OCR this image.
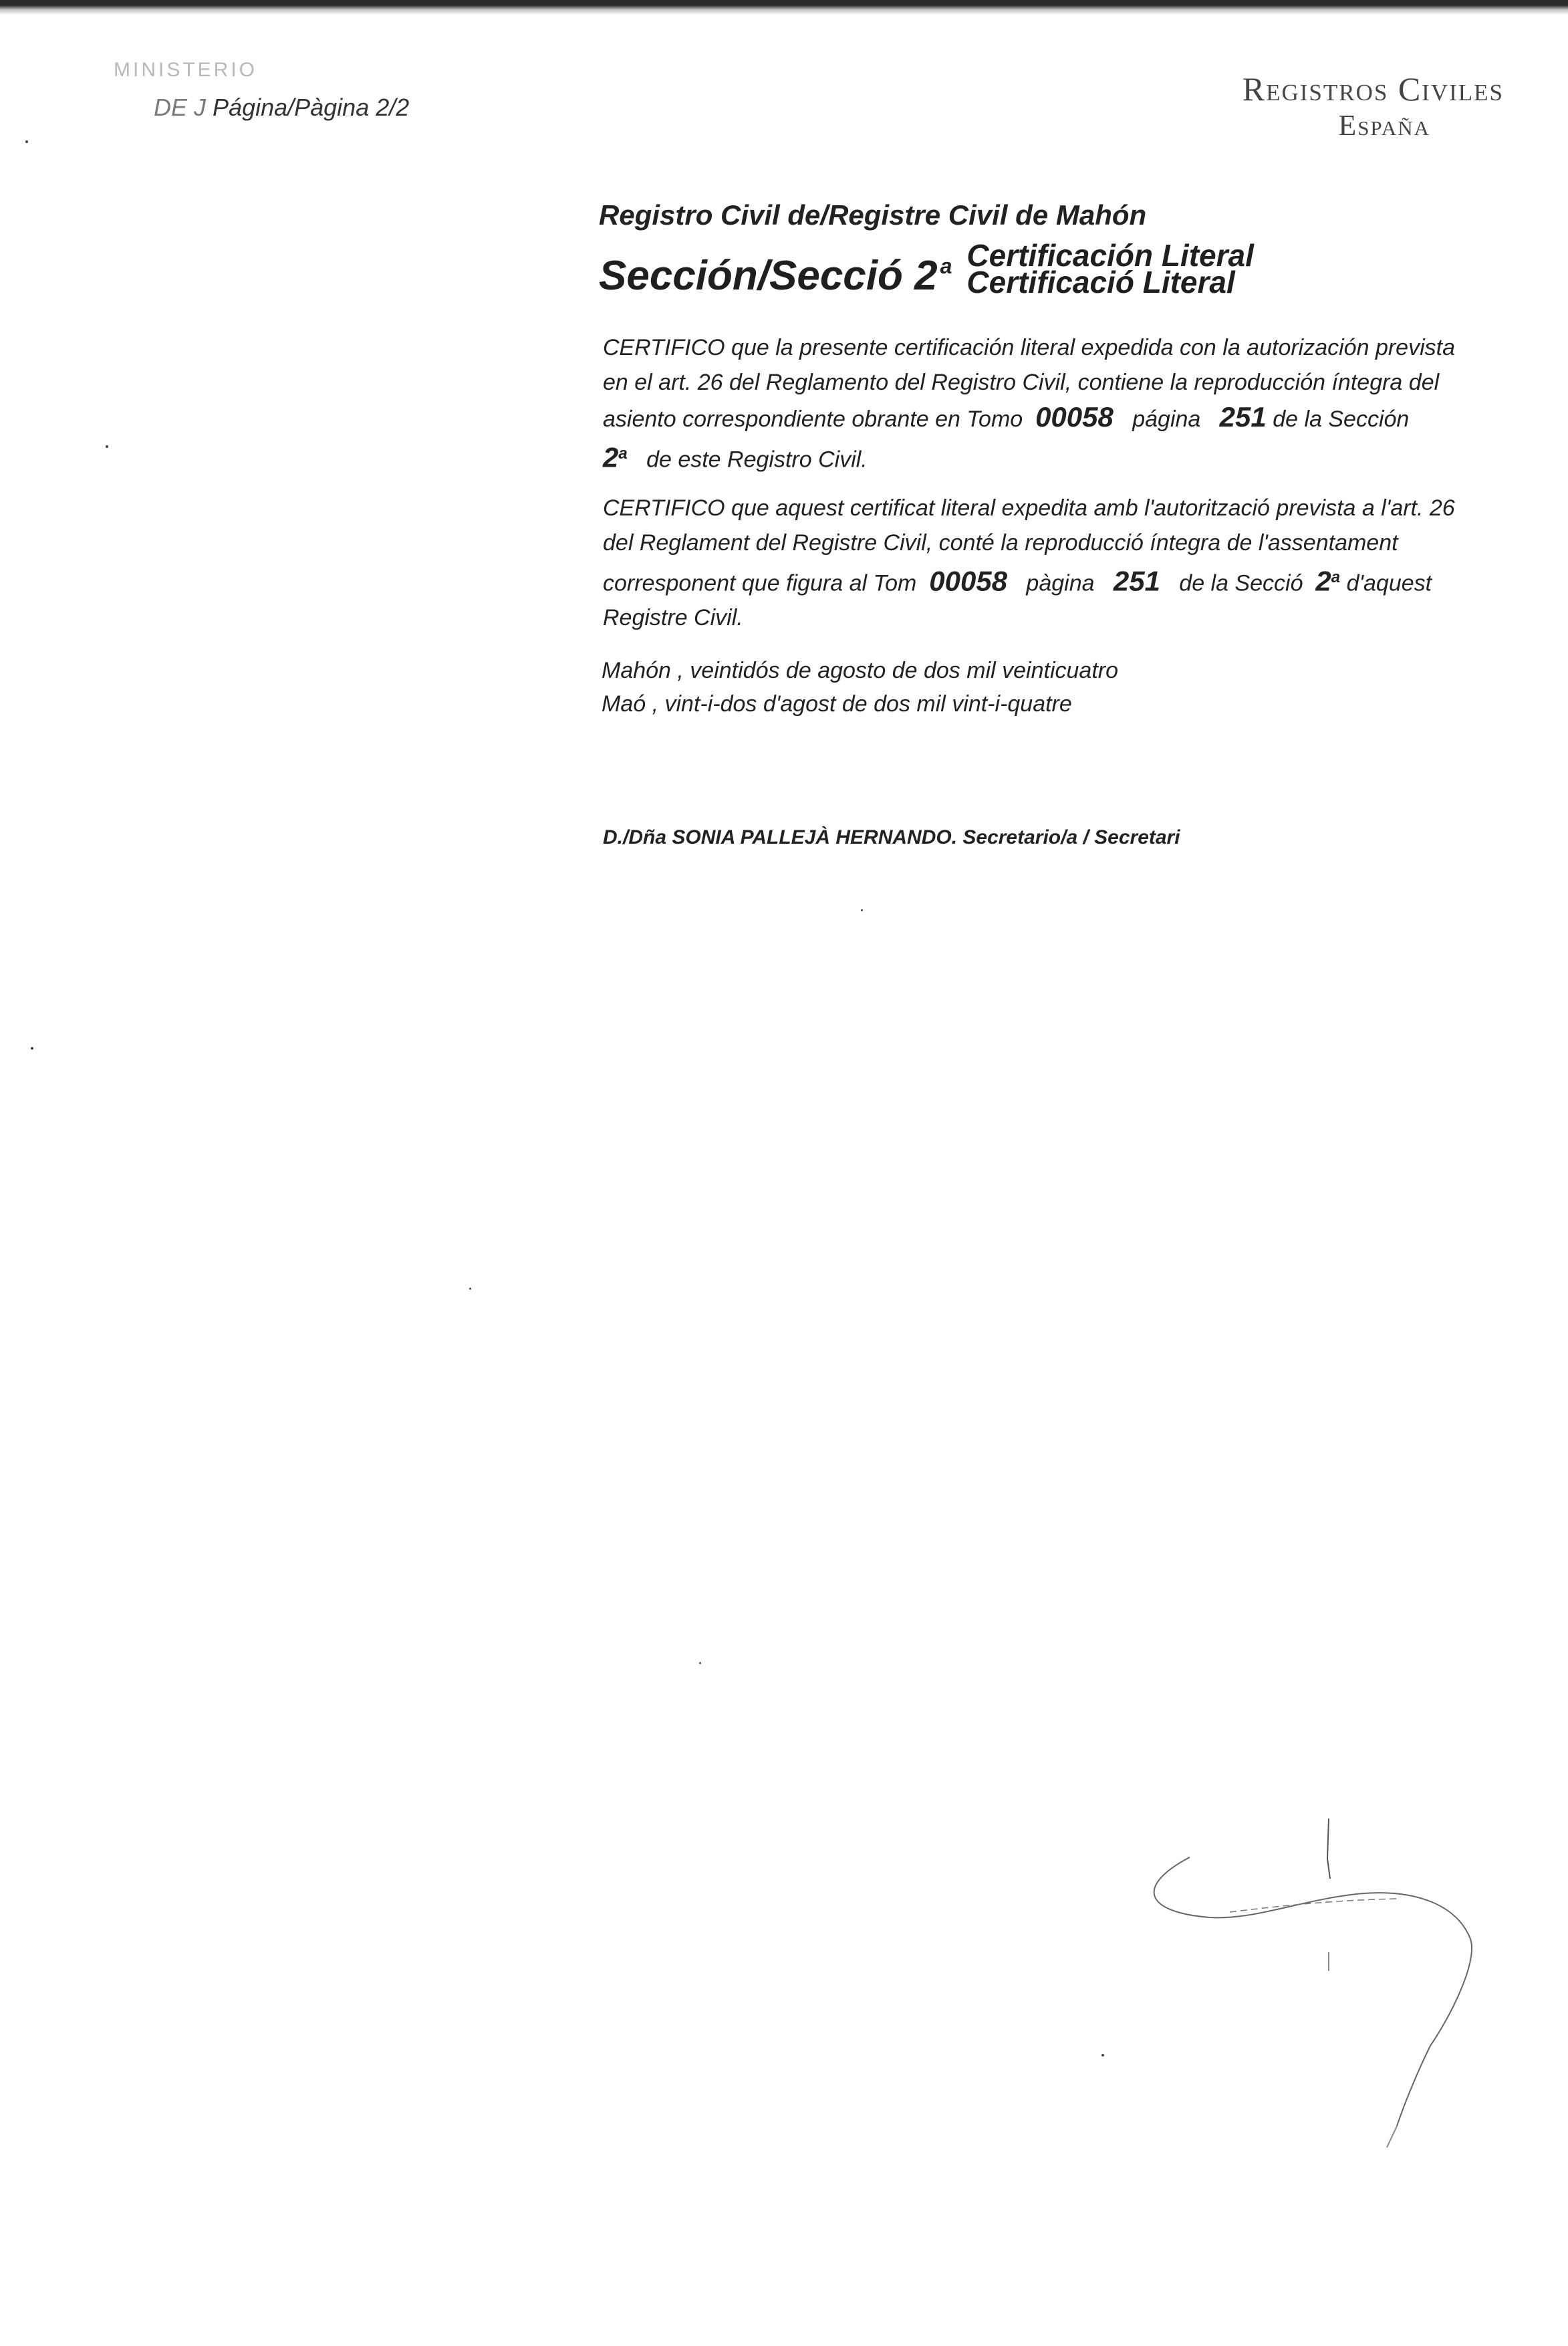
MINISTERIO
DE J Página/Pàgina 2/2	Registros Civiles
España
Registro Civil de/Registre Civil de Mahón
Sección/Secció 2 $^a$ Certificación Literal
Certificació Literal
CERTIFICO que la presente certificación literal expedida con la autorización prevista en el art. 26 del Reglamento del Registro Civil, contiene la reproducción íntegra del asiento correspondiente obrante en Tomo 00058 página 251 de la Sección   2$^a$ de este Registro Civil.
CERTIFICO que aquest certificat literal expedita amb l'autorització prevista a l'art. 26 del Reglament del Registre Civil, conté la reproducció íntegra de l'assentament corresponent que figura al Tom 00058 pàgina 251 de la Secció 2$^a$ d'aquest Registre Civil.
Mahón , veintidós de agosto de dos mil veinticuatro
Maó , vint-i-dos d'agost de dos mil vint-i-quatre
D./Dña SONIA PALLEJÀ HERNANDO. Secretario/a / Secretari
